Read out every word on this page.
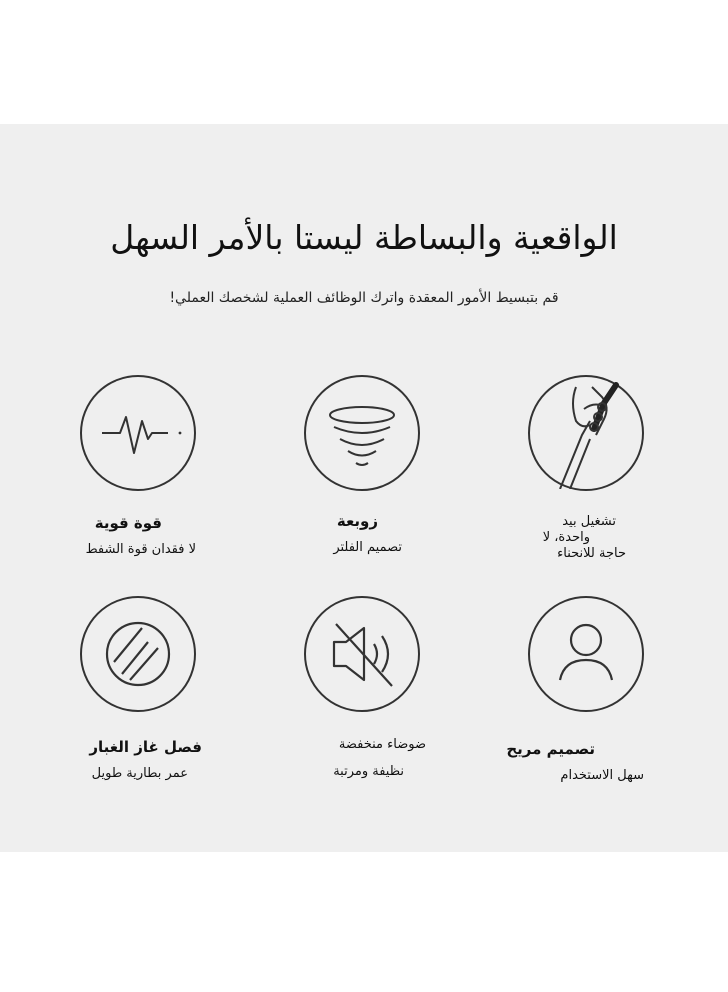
الواقعية والبساطة ليستا بالأمر السهل
قم بتبسيط الأمور المعقدة واترك الوظائف العملية لشخصك العملي!
قوة قوية
لا فقدان قوة الشفط
زوبعة
تصميم الفلتر
تشغيل بيد
واحدة، لا
حاجة للانحناء
فصل غاز الغبار
عمر بطارية طويل
ضوضاء منخفضة
نظيفة ومرتبة
تصميم مريح
سهل الاستخدام
